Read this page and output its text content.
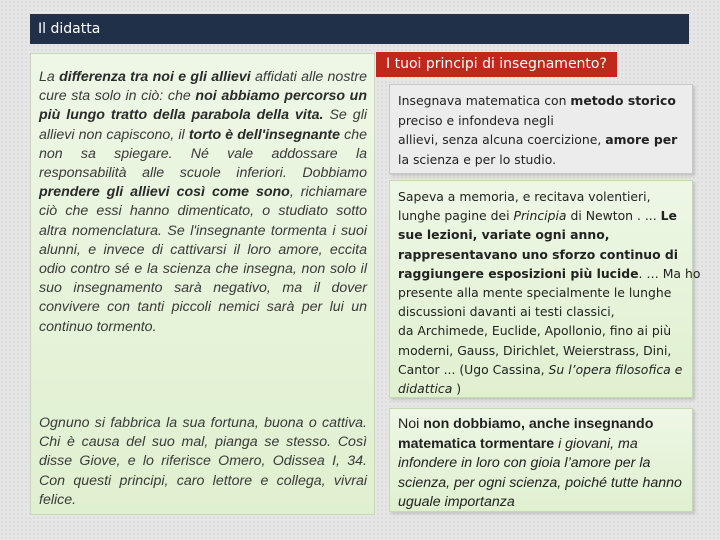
Il didatta

La differenza tra noi e gli allievi affidati alle nostre cure sta solo in ciò: che noi abbiamo percorso un più lungo tratto della parabola della vita. Se gli allievi non capiscono, il torto è dell'insegnante che non sa spiegare. Né vale addossare la responsabilità alle scuole inferiori. Dobbiamo prendere gli allievi così come sono, richiamare ciò che essi hanno dimenticato, o studiato sotto altra nomenclatura. Se l'insegnante tormenta i suoi alunni, e invece di cattivarsi il loro amore, eccita odio contro sé e la scienza che insegna, non solo il suo insegnamento sarà negativo, ma il dover convivere con tanti piccoli nemici sarà per lui un continuo tormento.

Ognuno si fabbrica la sua fortuna, buona o cattiva. Chi è causa del suo mal, pianga se stesso. Così disse Giove, e lo riferisce Omero, Odissea I, 34. Con questi principi, caro lettore e collega, vivrai felice.

I tuoi principi di insegnamento?
Insegnava matematica con metodo storico
preciso e infondeva negli
allievi, senza alcuna coercizione, amore per
la scienza e per lo studio.
Sapeva a memoria, e recitava volentieri,
lunghe pagine dei Principia di Newton . ... Le
sue lezioni, variate ogni anno,
rappresentavano uno sforzo continuo di
raggiungere esposizioni più lucide. … Ma ho
presente alla mente specialmente le lunghe
discussioni davanti ai testi classici,
da Archimede, Euclide, Apollonio, fino ai più
moderni, Gauss, Dirichlet, Weierstrass, Dini,
Cantor ... (Ugo Cassina, Su l’opera filosofica e
didattica )
Noi non dobbiamo, anche insegnando matematica tormentare i giovani, ma infondere in loro con gioia l’amore per la scienza, per ogni scienza, poiché tutte hanno uguale importanza
